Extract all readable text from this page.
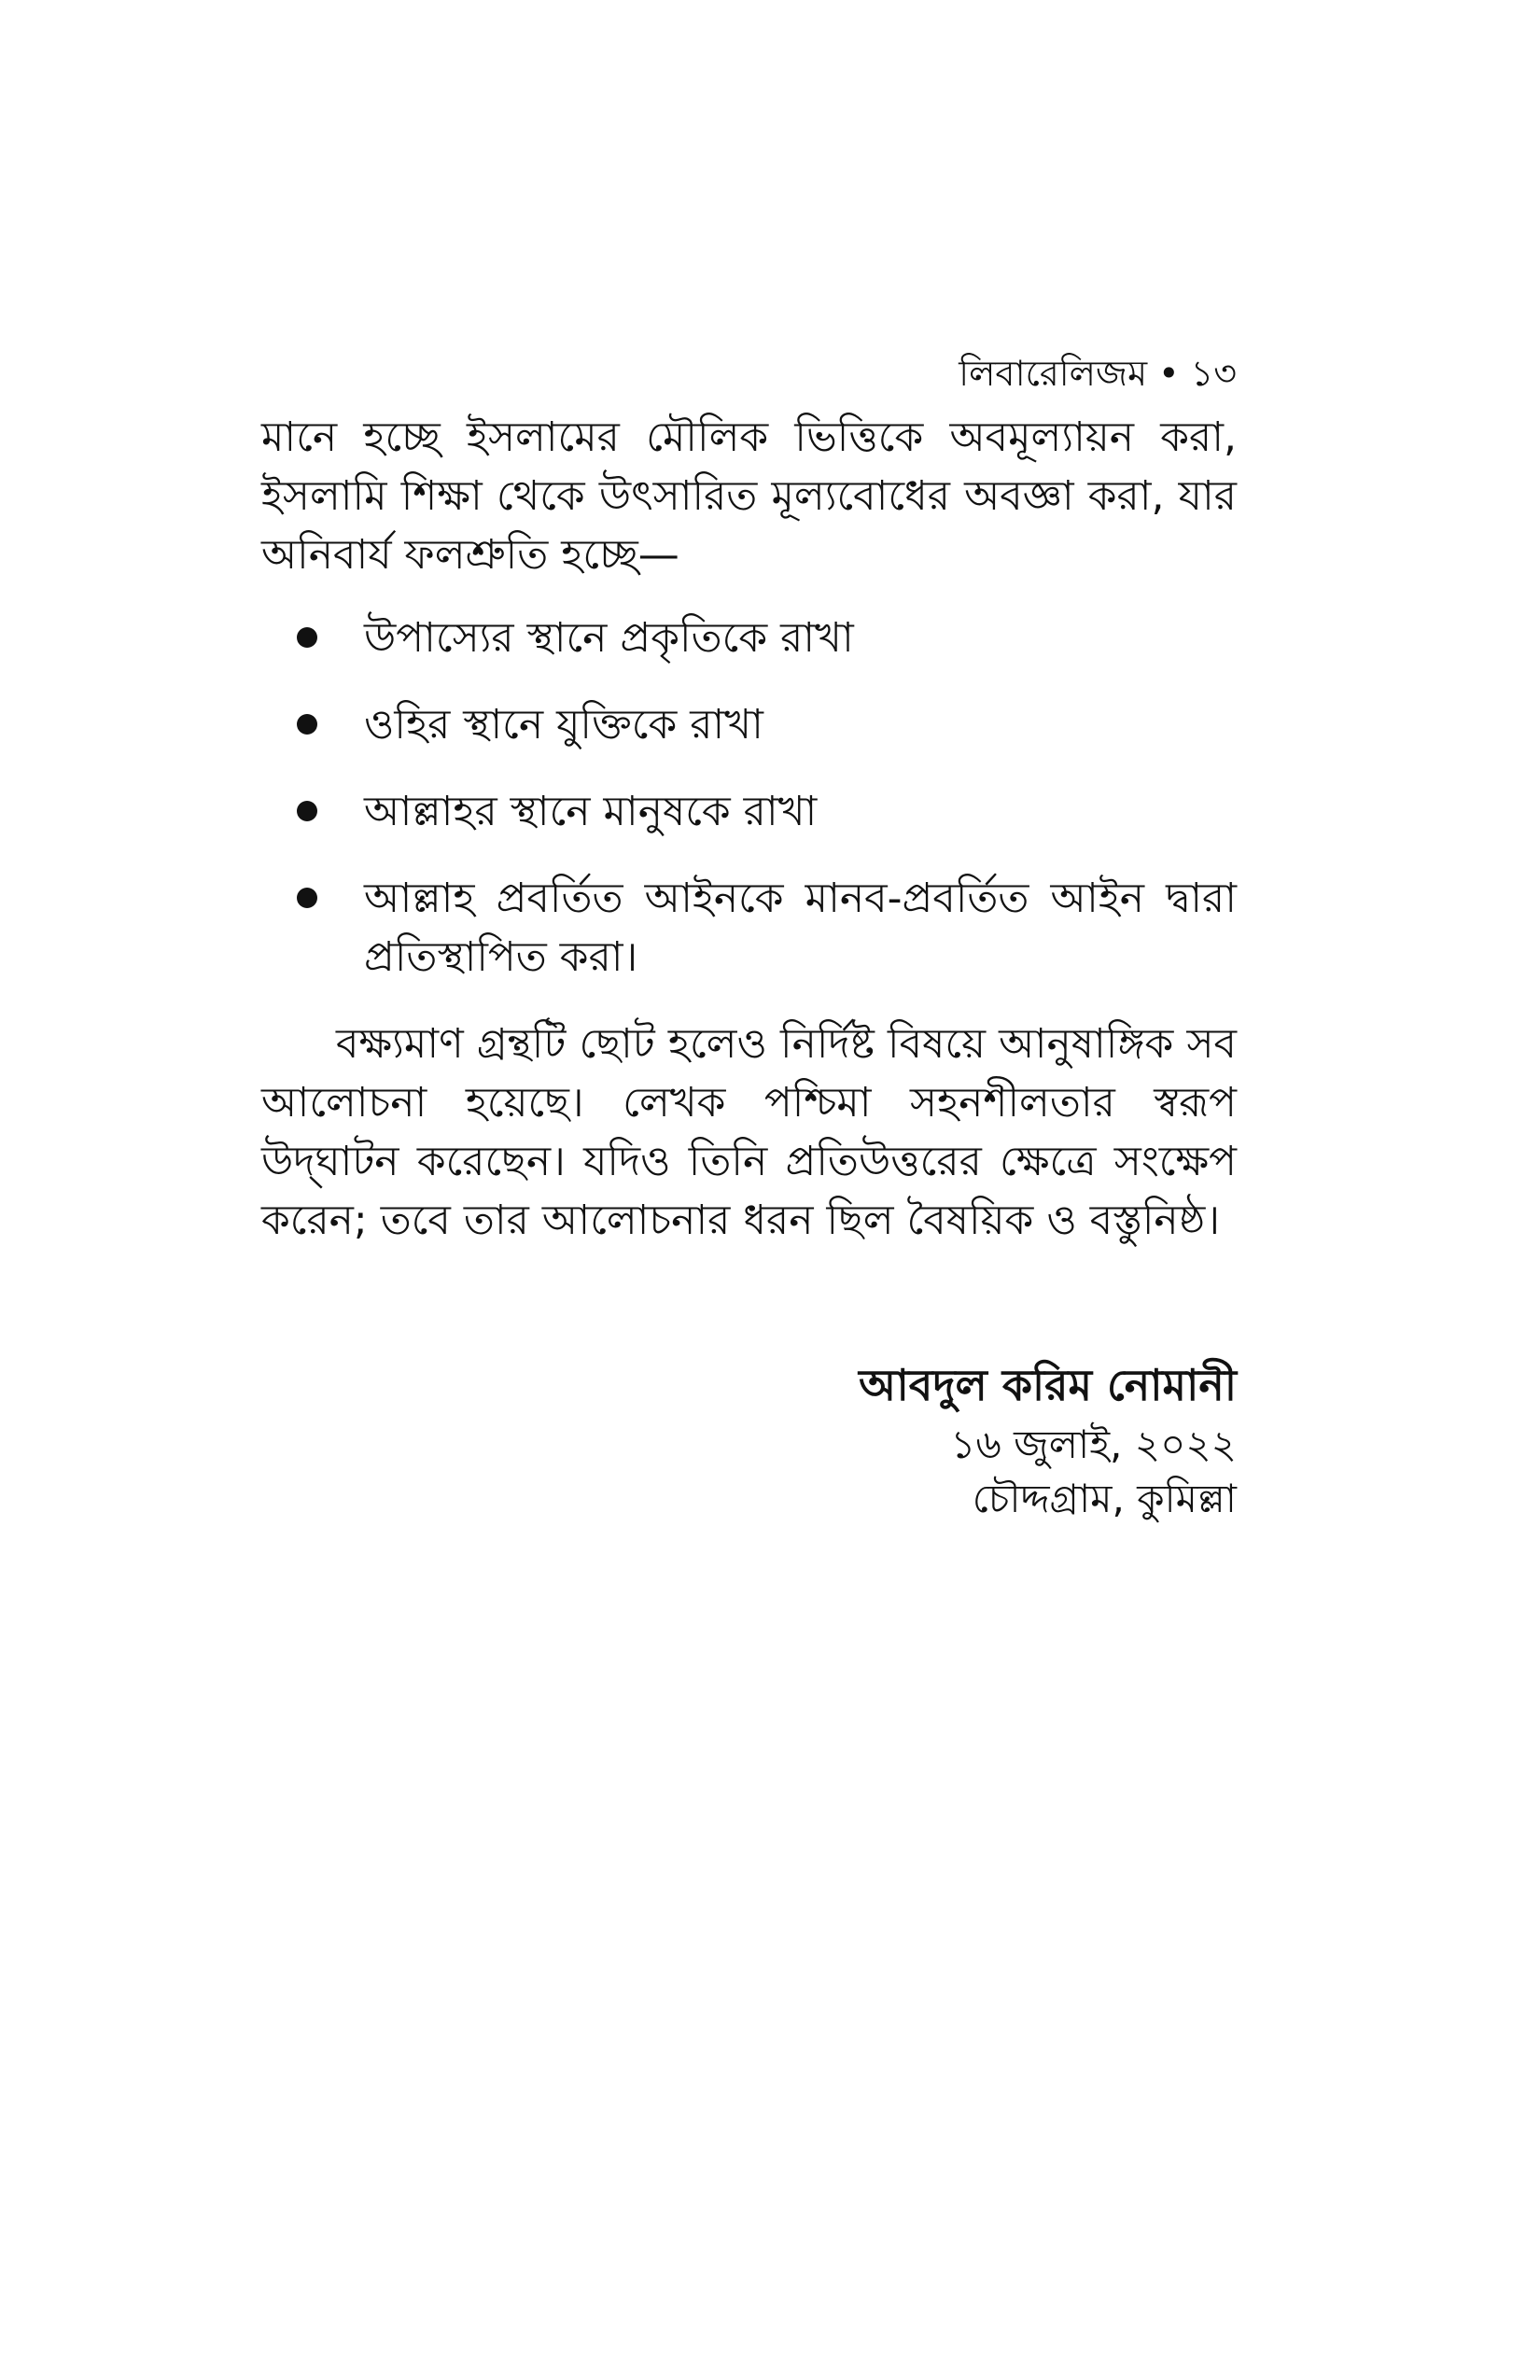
লিবারেলিজম • ১৩

মানে হচ্ছে ইসলামের মৌলিক ভিত্তিকে অবমূল্যায়ন করা, ইসলামি শিক্ষা থেকে উৎসারিত মূল্যবোধের অবজ্ঞা করা, যার অনিবার্য ফলশ্রুতি হচ্ছে—

উপাস্যের স্থানে প্রকৃতিকে রাখা
ওহির স্থানে যুক্তিকে রাখা
আল্লাহর স্থানে মানুষকে রাখা
আল্লাহ প্রবর্তিত আইনকে মানব-প্রবর্তিত আইন দ্বারা প্রতিস্থাপিত করা।

বক্ষ্যমাণ গ্রন্থটি ছোট হলেও নির্দিষ্ট বিষয়ে আনুষাঙ্গিক সব আলোচনা হয়েছে। লেখক পশ্চিমা সহনশীলতার স্বরূপ উদ্‌ঘাটন করেছেন। যদিও তিনি প্রতিউত্তরের ক্ষেত্রে সংক্ষেপ করেন; তবে তার আলোচনার ধরন ছিল বৈষয়িক ও বস্তুনিষ্ঠ।

আবদুল করিম নোমানী
১৬ জুলাই, ২০২২
চৌদ্দগ্রাম, কুমিল্লা
